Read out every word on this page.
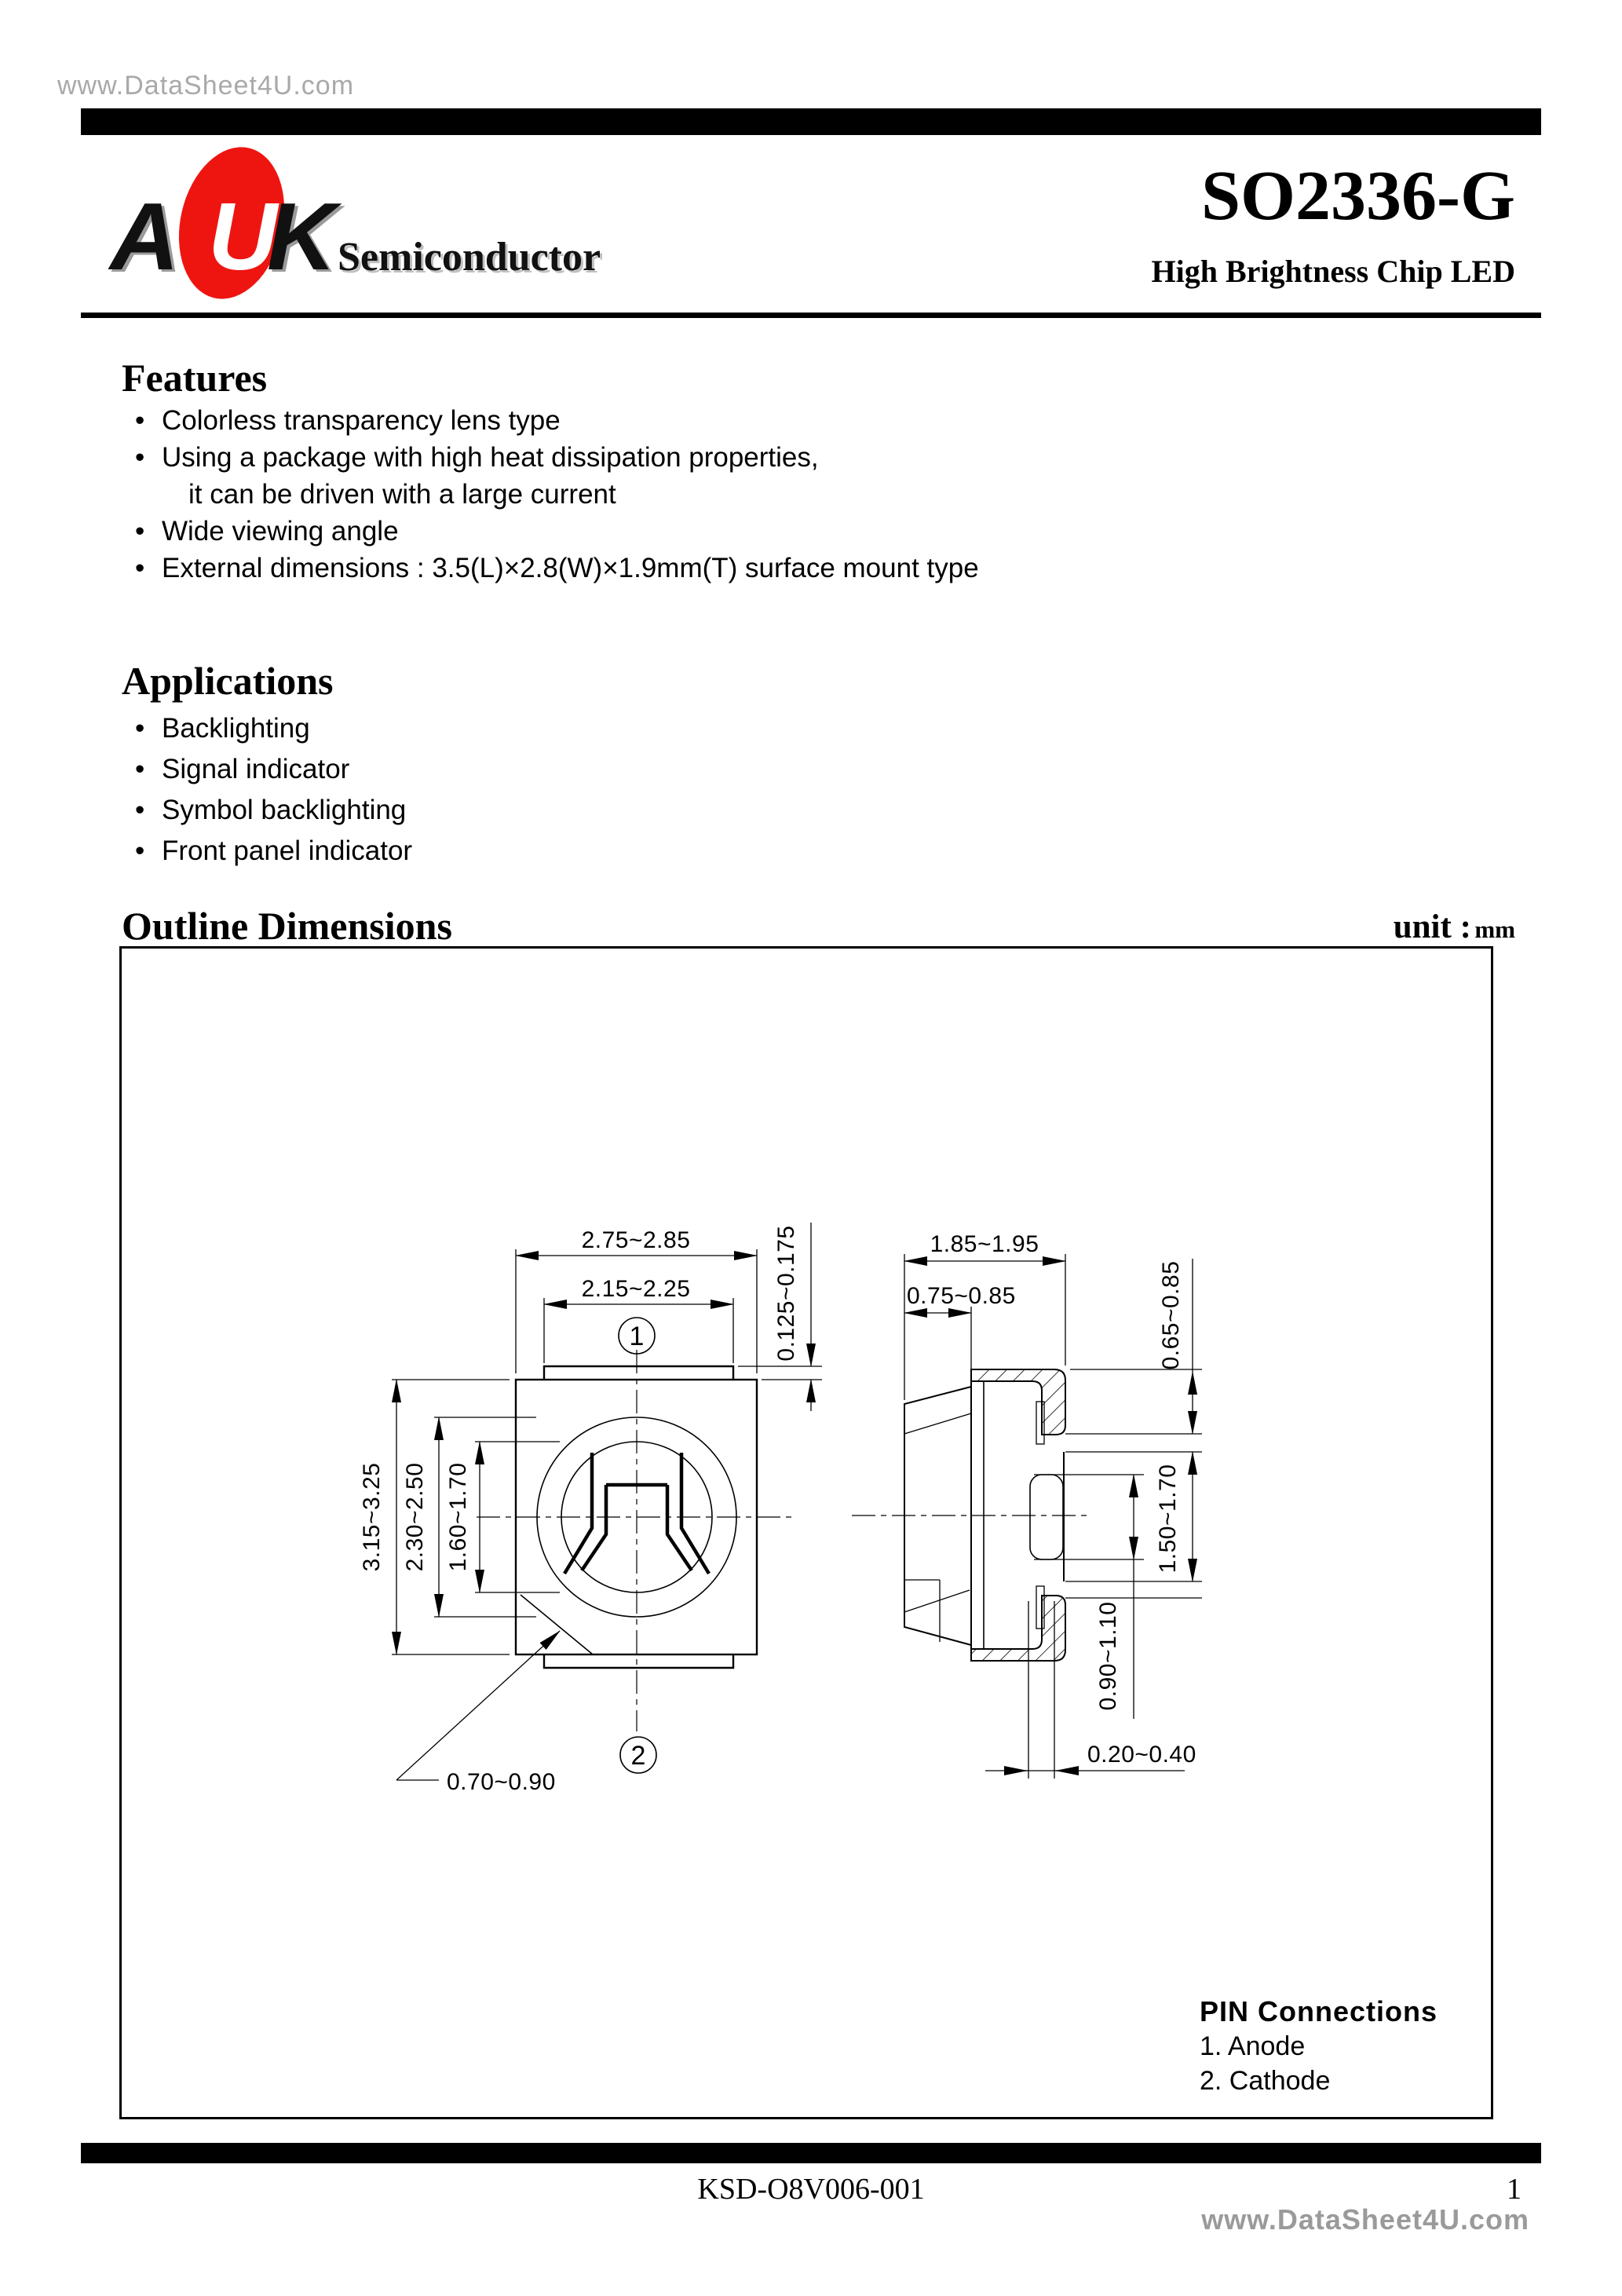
www.DataSheet4U.com
A U
K Semiconductor
SO2336-G
High Brightness Chip LED
Features
• Colorless transparency lens type
• Using a package with high heat dissipation properties,
it can be driven with a large current
• Wide viewing angle
• External dimensions : 3.5(L)×2.8(W)×1.9mm(T) surface mount type
Applications
• Backlighting
• Signal indicator
• Symbol backlighting
• Front panel indicator
Outline Dimensions	unit : mm
2.75~2.85
2.15~2.25	0.125~0.175
3.15~3.25 2.30~2.50 1.60~1.70
0.70~0.90
1
2
1.85~1.95
0.75~0.85	0.65~0.85
1.50~1.70
0.90~1.10
0.20~0.40
PIN Connections
1. Anode
2. Cathode
KSD-O8V006-001	1
www.DataSheet4U.com
